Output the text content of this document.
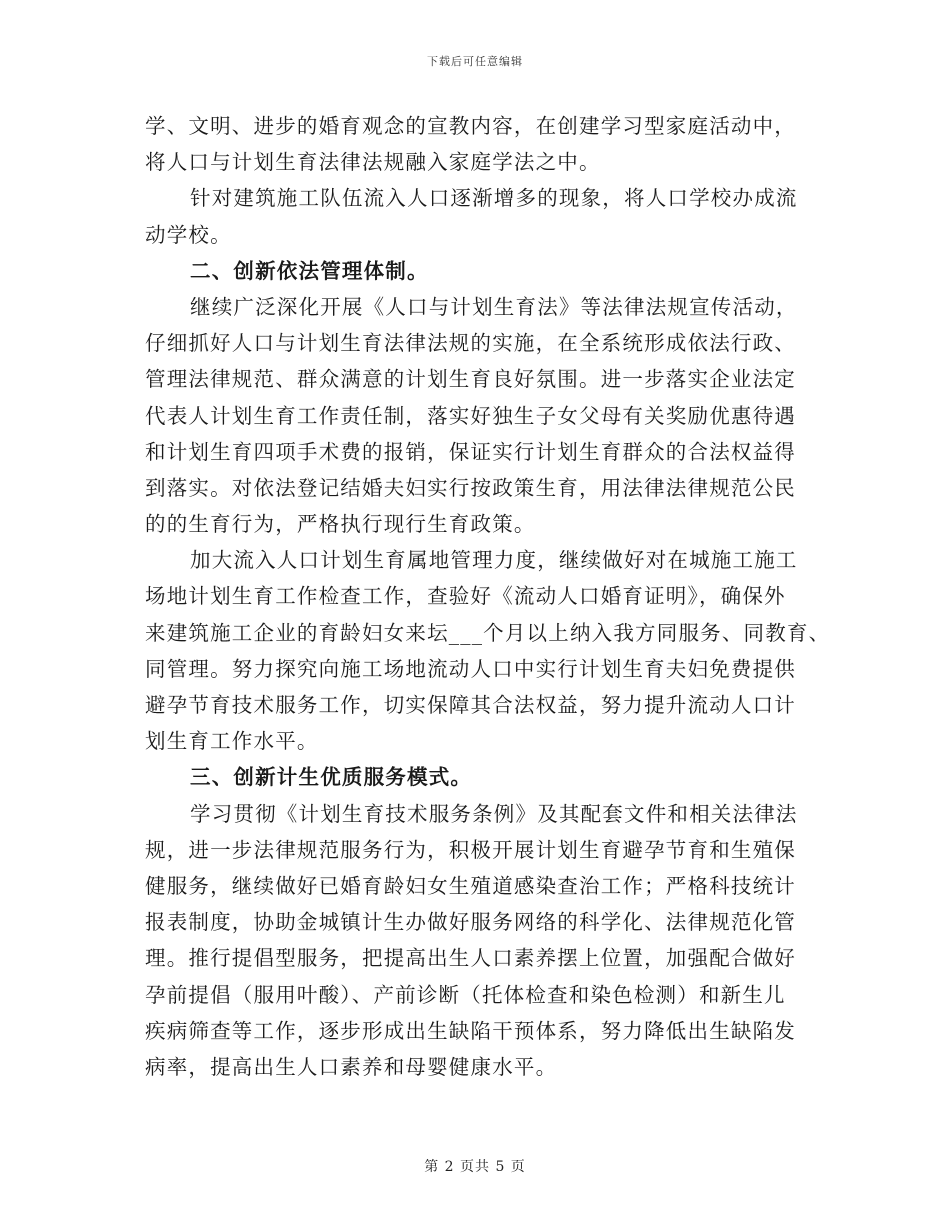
下载后可任意编辑
学、文明、进步的婚育观念的宣教内容，在创建学习型家庭活动中，
将人口与计划生育法律法规融入家庭学法之中。
针对建筑施工队伍流入人口逐渐增多的现象，将人口学校办成流
动学校。
二、创新依法管理体制。
继续广泛深化开展《人口与计划生育法》等法律法规宣传活动，
仔细抓好人口与计划生育法律法规的实施，在全系统形成依法行政、
管理法律规范、群众满意的计划生育良好氛围。进一步落实企业法定
代表人计划生育工作责任制，落实好独生子女父母有关奖励优惠待遇
和计划生育四项手术费的报销，保证实行计划生育群众的合法权益得
到落实。对依法登记结婚夫妇实行按政策生育，用法律法律规范公民
的的生育行为，严格执行现行生育政策。
加大流入人口计划生育属地管理力度，继续做好对在城施工施工
场地计划生育工作检查工作，查验好《流动人口婚育证明》，确保外
来建筑施工企业的育龄妇女来坛___个月以上纳入我方同服务、同教育、
同管理。努力探究向施工场地流动人口中实行计划生育夫妇免费提供
避孕节育技术服务工作，切实保障其合法权益，努力提升流动人口计
划生育工作水平。
三、创新计生优质服务模式。
学习贯彻《计划生育技术服务条例》及其配套文件和相关法律法
规，进一步法律规范服务行为，积极开展计划生育避孕节育和生殖保
健服务，继续做好已婚育龄妇女生殖道感染查治工作；严格科技统计
报表制度，协助金城镇计生办做好服务网络的科学化、法律规范化管
理。推行提倡型服务，把提高出生人口素养摆上位置，加强配合做好
孕前提倡（服用叶酸）、产前诊断（托体检查和染色检测）和新生儿
疾病筛查等工作，逐步形成出生缺陷干预体系，努力降低出生缺陷发
病率，提高出生人口素养和母婴健康水平。
第 2 页共 5 页
